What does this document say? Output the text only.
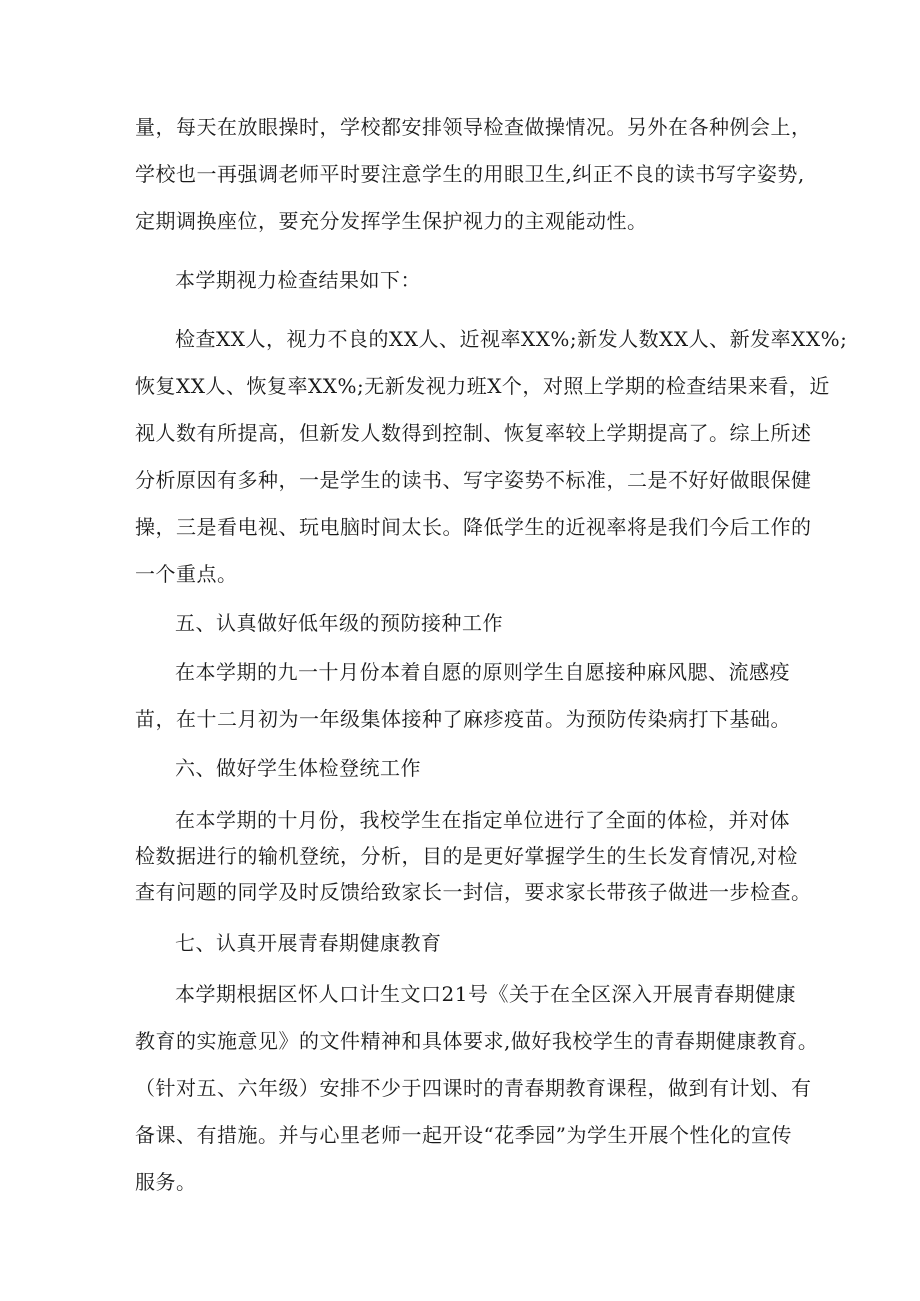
量，每天在放眼操时，学校都安排领导检查做操情况。另外在各种例会上，
学校也一再强调老师平时要注意学生的用眼卫生,纠正不良的读书写字姿势,
定期调换座位，要充分发挥学生保护视力的主观能动性。

本学期视力检查结果如下：

检查XX人，视力不良的XX人、近视率XX%;新发人数XX人、新发率XX%;
恢复XX人、恢复率XX%;无新发视力班X个，对照上学期的检查结果来看，近
视人数有所提高，但新发人数得到控制、恢复率较上学期提高了。综上所述
分析原因有多种，一是学生的读书、写字姿势不标准，二是不好好做眼保健
操，三是看电视、玩电脑时间太长。降低学生的近视率将是我们今后工作的
一个重点。

五、认真做好低年级的预防接种工作

在本学期的九一十月份本着自愿的原则学生自愿接种麻风腮、流感疫
苗，在十二月初为一年级集体接种了麻疹疫苗。为预防传染病打下基础。

六、做好学生体检登统工作

在本学期的十月份，我校学生在指定单位进行了全面的体检，并对体
检数据进行的输机登统，分析，目的是更好掌握学生的生长发育情况,对检
查有问题的同学及时反馈给致家长一封信，要求家长带孩子做进一步检查。

七、认真开展青春期健康教育

本学期根据区怀人口计生文口21号《关于在全区深入开展青春期健康
教育的实施意见》的文件精神和具体要求,做好我校学生的青春期健康教育。
（针对五、六年级）安排不少于四课时的青春期教育课程，做到有计划、有
备课、有措施。并与心里老师一起开设“花季园”为学生开展个性化的宣传
服务。
